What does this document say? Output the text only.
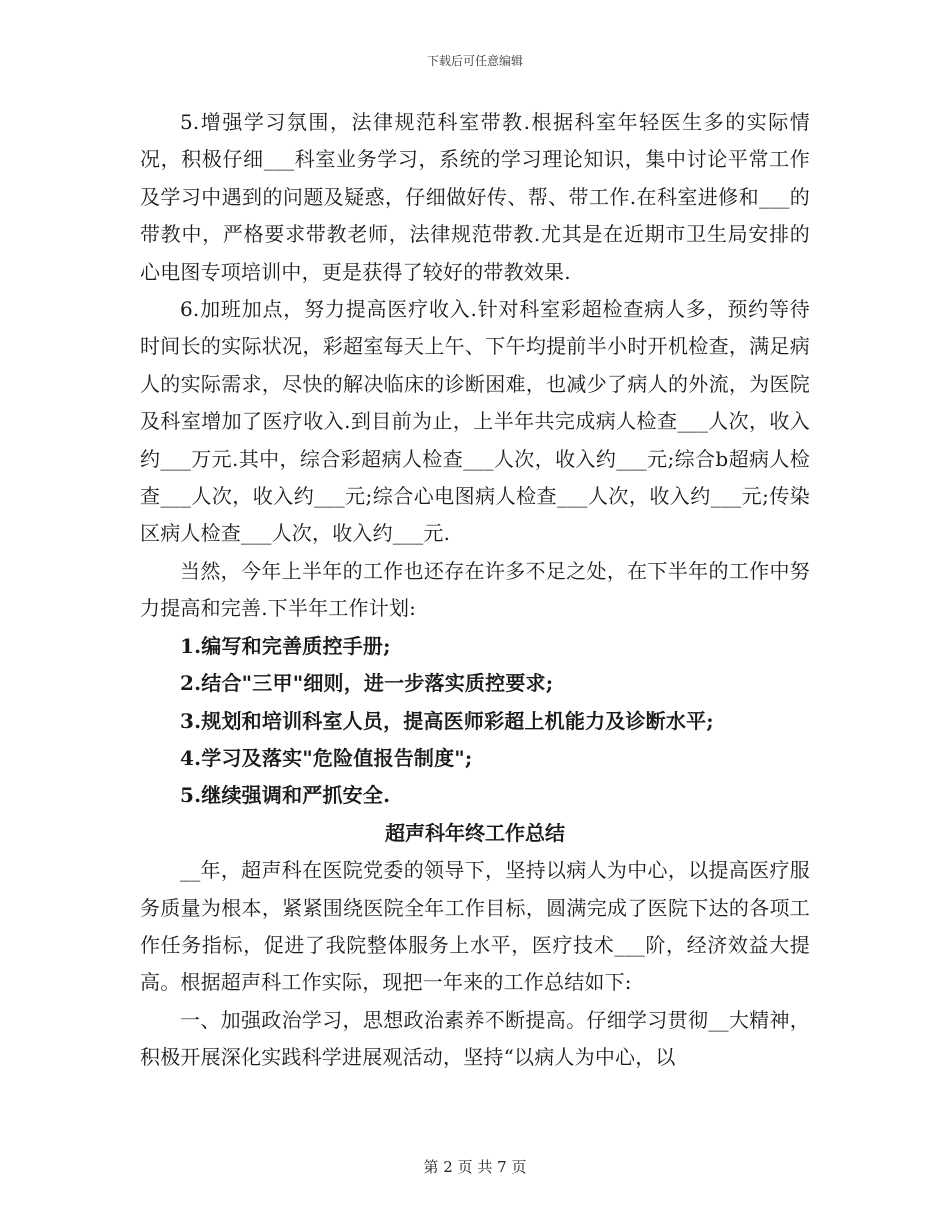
下载后可任意编辑

5.增强学习氛围，法律规范科室带教.根据科室年轻医生多的实际情况，积极仔细___科室业务学习，系统的学习理论知识，集中讨论平常工作及学习中遇到的问题及疑惑，仔细做好传、帮、带工作.在科室进修和___的带教中，严格要求带教老师，法律规范带教.尤其是在近期市卫生局安排的心电图专项培训中，更是获得了较好的带教效果.

6.加班加点，努力提高医疗收入.针对科室彩超检查病人多，预约等待时间长的实际状况，彩超室每天上午、下午均提前半小时开机检查，满足病人的实际需求，尽快的解决临床的诊断困难，也减少了病人的外流，为医院及科室增加了医疗收入.到目前为止，上半年共完成病人检查___人次，收入约___万元.其中，综合彩超病人检查___人次，收入约___元;综合b超病人检查___人次，收入约___元;综合心电图病人检查___人次，收入约___元;传染区病人检查___人次，收入约___元.

当然，今年上半年的工作也还存在许多不足之处，在下半年的工作中努力提高和完善.下半年工作计划:

1.编写和完善质控手册;

2.结合"三甲"细则，进一步落实质控要求;

3.规划和培训科室人员，提高医师彩超上机能力及诊断水平;

4.学习及落实"危险值报告制度";

5.继续强调和严抓安全.

超声科年终工作总结

__年，超声科在医院党委的领导下，坚持以病人为中心，以提高医疗服务质量为根本，紧紧围绕医院全年工作目标，圆满完成了医院下达的各项工作任务指标，促进了我院整体服务上水平，医疗技术___阶，经济效益大提高。根据超声科工作实际，现把一年来的工作总结如下:

一、加强政治学习，思想政治素养不断提高。仔细学习贯彻__大精神，积极开展深化实践科学进展观活动，坚持“以病人为中心，以

第 2 页 共 7 页
